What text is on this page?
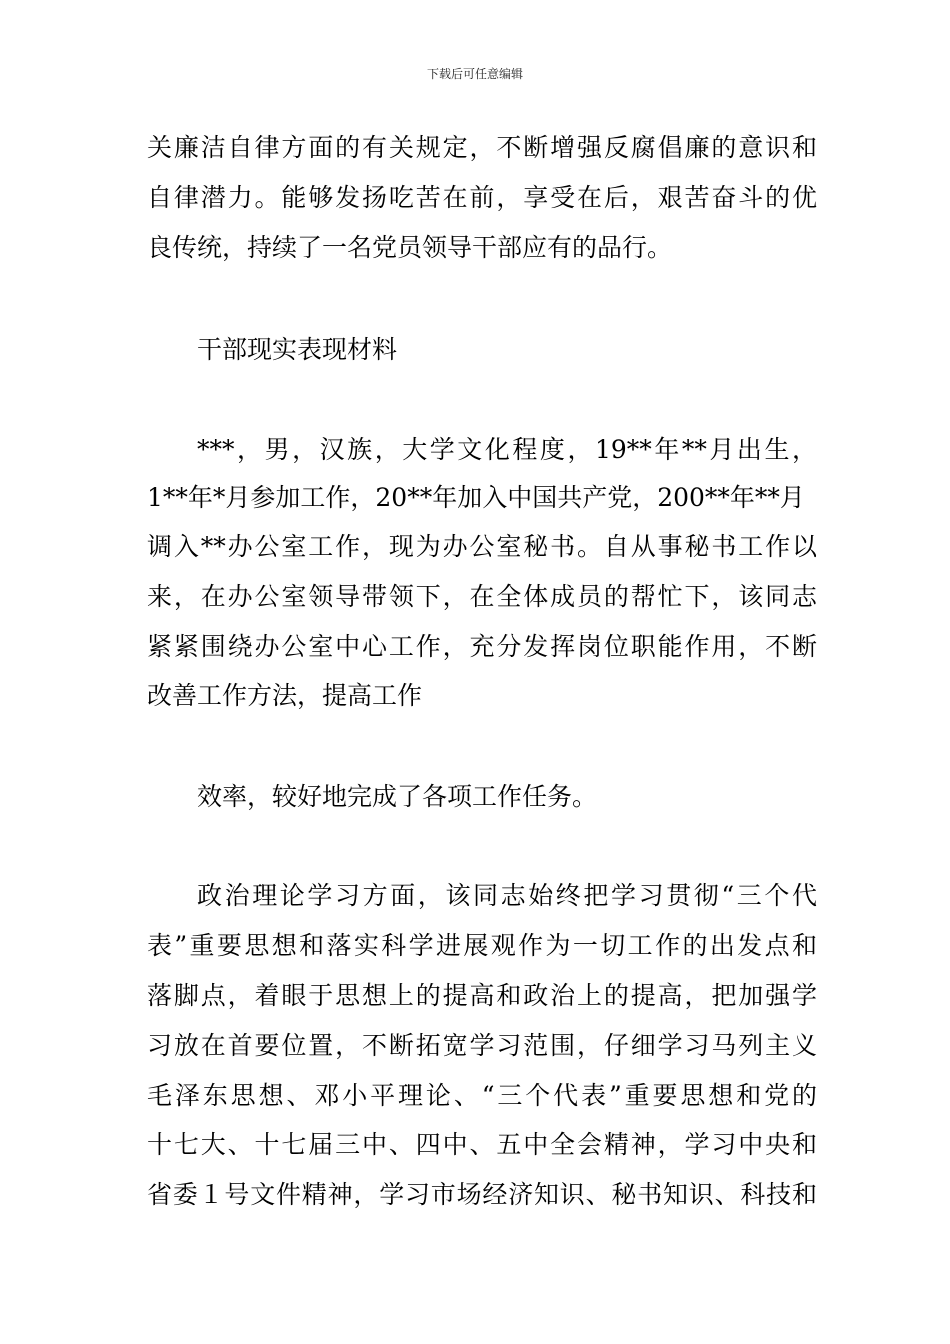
下载后可任意编辑
关廉洁自律方面的有关规定，不断增强反腐倡廉的意识和
自律潜力。能够发扬吃苦在前，享受在后，艰苦奋斗的优
良传统，持续了一名党员领导干部应有的品行。
干部现实表现材料
***，男，汉族，大学文化程度，19**年**月出生，
1**年*月参加工作，20**年加入中国共产党，200**年**月
调入**办公室工作，现为办公室秘书。自从事秘书工作以
来，在办公室领导带领下，在全体成员的帮忙下，该同志
紧紧围绕办公室中心工作，充分发挥岗位职能作用，不断
改善工作方法，提高工作
效率，较好地完成了各项工作任务。
政治理论学习方面，该同志始终把学习贯彻“三个代
表”重要思想和落实科学进展观作为一切工作的出发点和
落脚点，着眼于思想上的提高和政治上的提高，把加强学
习放在首要位置，不断拓宽学习范围，仔细学习马列主义
毛泽东思想、邓小平理论、“三个代表”重要思想和党的
十七大、十七届三中、四中、五中全会精神，学习中央和
省委１号文件精神，学习市场经济知识、秘书知识、科技和
